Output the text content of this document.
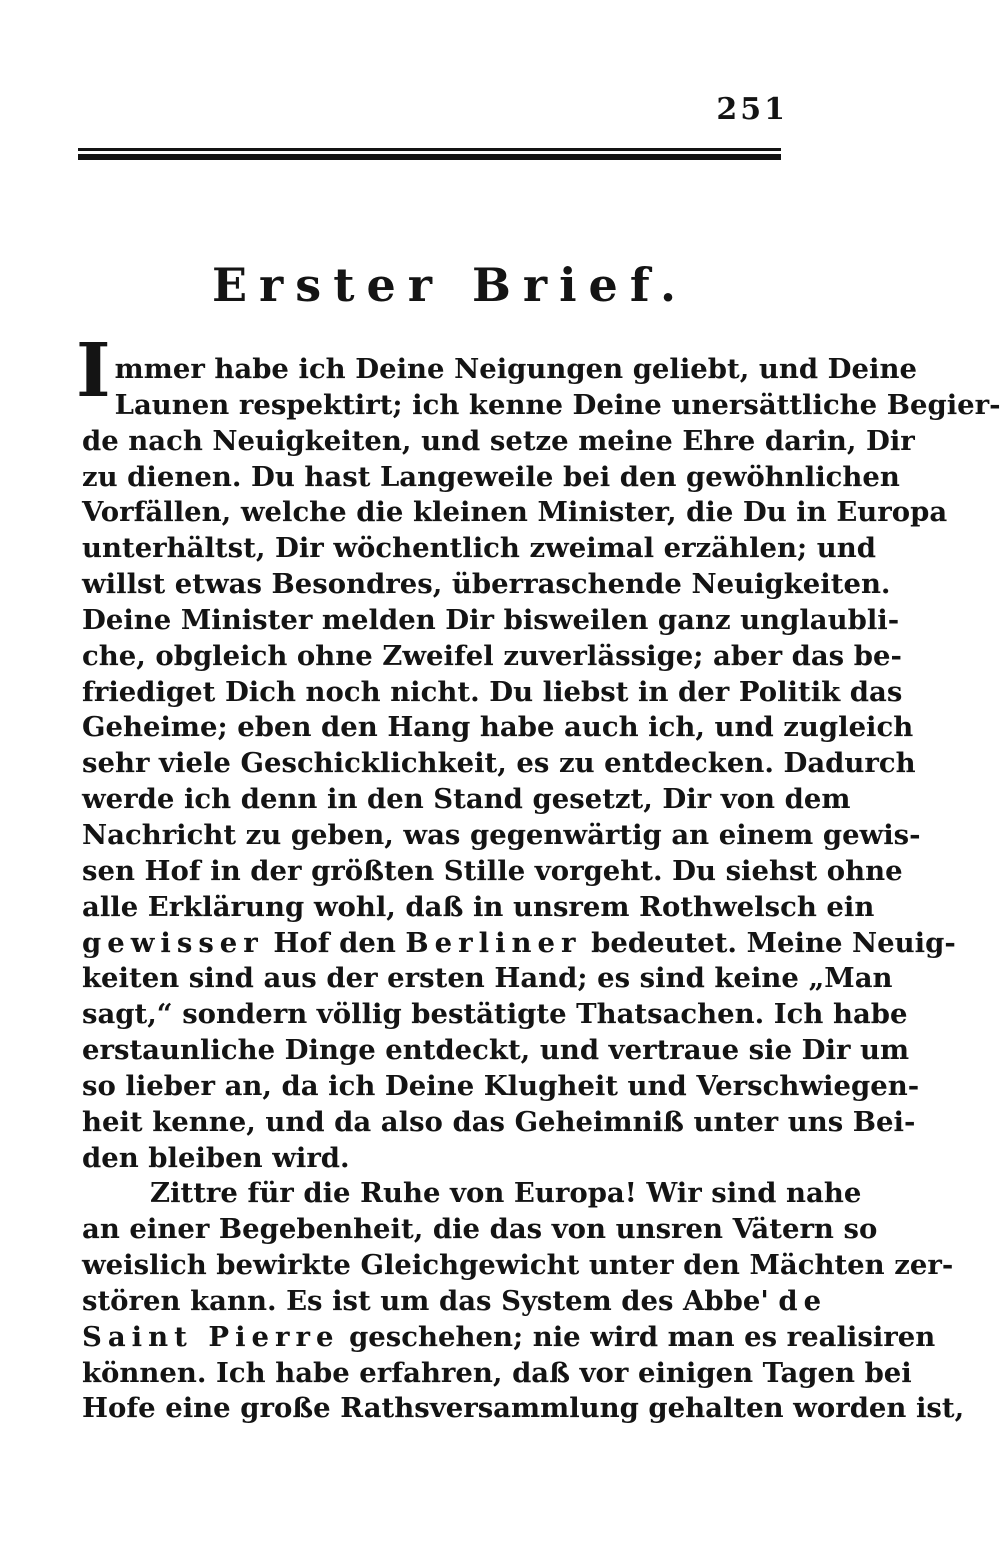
251
Erster Brief.
I mmer habe ich Deine Neigungen geliebt, und Deine
Launen respektirt; ich kenne Deine unersättliche Begier-
de nach Neuigkeiten, und setze meine Ehre darin, Dir
zu dienen. Du hast Langeweile bei den gewöhnlichen
Vorfällen, welche die kleinen Minister, die Du in Europa
unterhältst, Dir wöchentlich zweimal erzählen; und
willst etwas Besondres, überraschende Neuigkeiten.
Deine Minister melden Dir bisweilen ganz unglaubli-
che, obgleich ohne Zweifel zuverlässige; aber das be-
friediget Dich noch nicht. Du liebst in der Politik das
Geheime; eben den Hang habe auch ich, und zugleich
sehr viele Geschicklichkeit, es zu entdecken. Dadurch
werde ich denn in den Stand gesetzt, Dir von dem
Nachricht zu geben, was gegenwärtig an einem gewis-
sen Hof in der größten Stille vorgeht. Du siehst ohne
alle Erklärung wohl, daß in unsrem Rothwelsch ein
gewisser Hof den Berliner bedeutet. Meine Neuig-
keiten sind aus der ersten Hand; es sind keine „Man
sagt,“ sondern völlig bestätigte Thatsachen. Ich habe
erstaunliche Dinge entdeckt, und vertraue sie Dir um
so lieber an, da ich Deine Klugheit und Verschwiegen-
heit kenne, und da also das Geheimniß unter uns Bei-
den bleiben wird.
Zittre für die Ruhe von Europa! Wir sind nahe
an einer Begebenheit, die das von unsren Vätern so
weislich bewirkte Gleichgewicht unter den Mächten zer-
stören kann. Es ist um das System des Abbe' de
Saint Pierre geschehen; nie wird man es realisiren
können. Ich habe erfahren, daß vor einigen Tagen bei
Hofe eine große Rathsversammlung gehalten worden ist,
